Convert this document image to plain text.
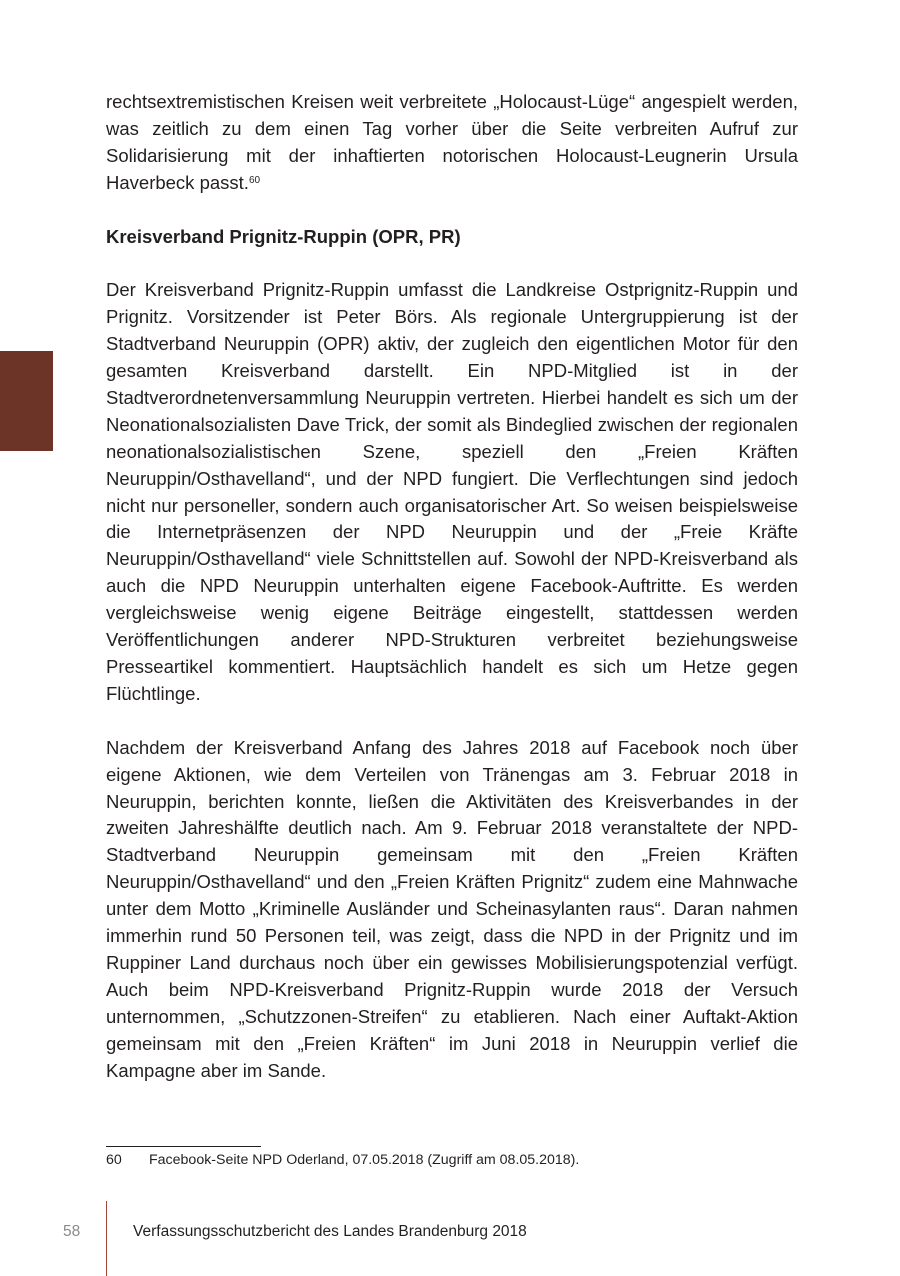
rechtsextremistischen Kreisen weit verbreitete „Holocaust-Lüge“ angespielt werden, was zeitlich zu dem einen Tag vorher über die Seite verbreiten Aufruf zur Solidarisierung mit der inhaftierten notorischen Holocaust-Leugnerin Ursula Haverbeck passt.$^{60}$

Kreisverband Prignitz-Ruppin (OPR, PR)

Der Kreisverband Prignitz-Ruppin umfasst die Landkreise Ostprignitz-Ruppin und Prignitz. Vorsitzender ist Peter Börs. Als regionale Untergruppierung ist der Stadtverband Neuruppin (OPR) aktiv, der zugleich den eigentlichen Motor für den gesamten Kreisverband darstellt. Ein NPD-Mitglied ist in der Stadtverordnetenversammlung Neuruppin vertreten. Hierbei handelt es sich um der Neonationalsozialisten Dave Trick, der somit als Bindeglied zwischen der regionalen neonationalsozialistischen Szene, speziell den „Freien Kräften Neuruppin/Osthavelland“, und der NPD fungiert. Die Verflechtungen sind jedoch nicht nur personeller, sondern auch organisatorischer Art. So weisen beispielsweise die Internetpräsenzen der NPD Neuruppin und der „Freie Kräfte Neuruppin/Osthavelland“ viele Schnittstellen auf. Sowohl der NPD-Kreisverband als auch die NPD Neuruppin unterhalten eigene Facebook-Auftritte. Es werden vergleichsweise wenig eigene Beiträge eingestellt, stattdessen werden Veröffentlichungen anderer NPD-Strukturen verbreitet beziehungsweise Presseartikel kommentiert. Hauptsächlich handelt es sich um Hetze gegen Flüchtlinge.

Nachdem der Kreisverband Anfang des Jahres 2018 auf Facebook noch über eigene Aktionen, wie dem Verteilen von Tränengas am 3. Februar 2018 in Neuruppin, berichten konnte, ließen die Aktivitäten des Kreisverbandes in der zweiten Jahreshälfte deutlich nach. Am 9. Februar 2018 veranstaltete der NPD-Stadtverband Neuruppin gemeinsam mit den „Freien Kräften Neuruppin/Osthavelland“ und den „Freien Kräften Prignitz“ zudem eine Mahnwache unter dem Motto „Kriminelle Ausländer und Scheinasylanten raus“. Daran nahmen immerhin rund 50 Personen teil, was zeigt, dass die NPD in der Prignitz und im Ruppiner Land durchaus noch über ein gewisses Mobilisierungspotenzial verfügt. Auch beim NPD-Kreisverband Prignitz-Ruppin wurde 2018 der Versuch unternommen, „Schutzzonen-Streifen“ zu etablieren. Nach einer Auftakt-Aktion gemeinsam mit den „Freien Kräften“ im Juni 2018 in Neuruppin verlief die Kampagne aber im Sande.

60 Facebook-Seite NPD Oderland, 07.05.2018 (Zugriff am 08.05.2018).
58	Verfassungsschutzbericht des Landes Brandenburg 2018
